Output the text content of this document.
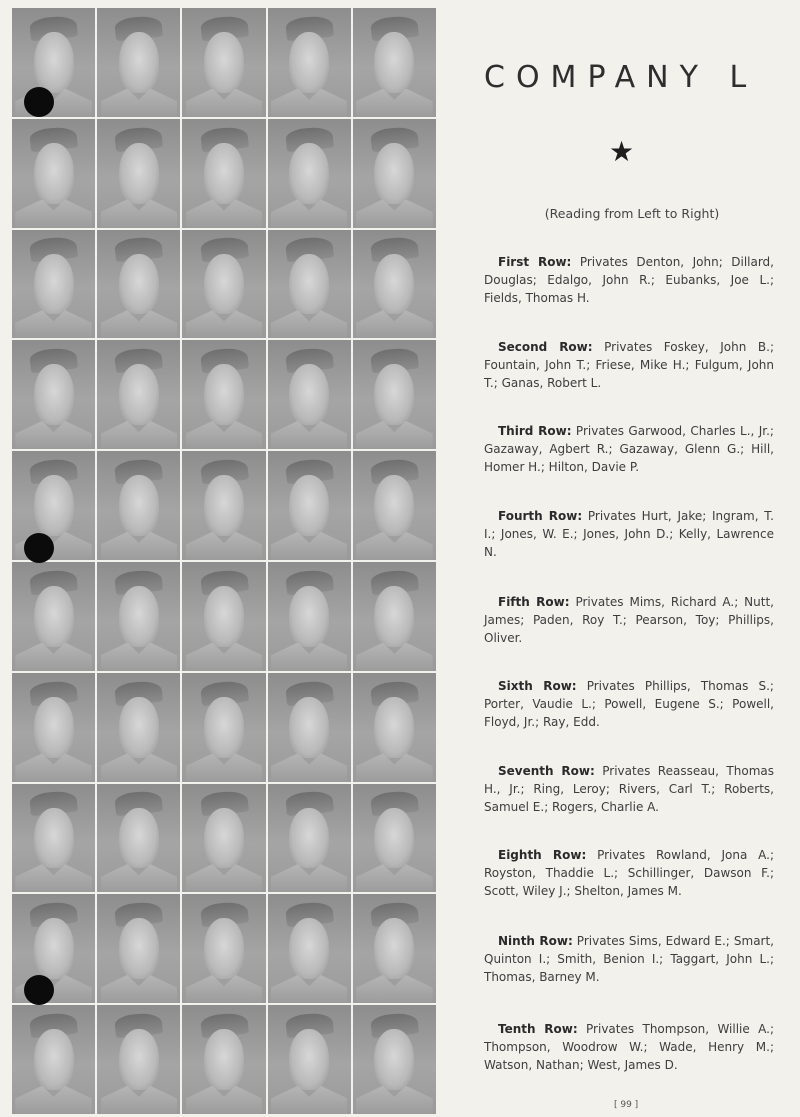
COMPANY L
★
(Reading from Left to Right)

First Row: Privates Denton, John; Dillard, Douglas; Edalgo, John R.; Eubanks, Joe L.; Fields, Thomas H.

Second Row: Privates Foskey, John B.; Fountain, John T.; Friese, Mike H.; Fulgum, John T.; Ganas, Robert L.

Third Row: Privates Garwood, Charles L., Jr.; Gazaway, Agbert R.; Gazaway, Glenn G.; Hill, Homer H.; Hilton, Davie P.

Fourth Row: Privates Hurt, Jake; Ingram, T. I.; Jones, W. E.; Jones, John D.; Kelly, Lawrence N.

Fifth Row: Privates Mims, Richard A.; Nutt, James; Paden, Roy T.; Pearson, Toy; Phillips, Oliver.

Sixth Row: Privates Phillips, Thomas S.; Porter, Vaudie L.; Powell, Eugene S.; Powell, Floyd, Jr.; Ray, Edd.

Seventh Row: Privates Reasseau, Thomas H., Jr.; Ring, Leroy; Rivers, Carl T.; Roberts, Samuel E.; Rogers, Charlie A.

Eighth Row: Privates Rowland, Jona A.; Royston, Thaddie L.; Schillinger, Dawson F.; Scott, Wiley J.; Shelton, James M.

Ninth Row: Privates Sims, Edward E.; Smart, Quinton I.; Smith, Benion I.; Taggart, John L.; Thomas, Barney M.

Tenth Row: Privates Thompson, Willie A.; Thompson, Woodrow W.; Wade, Henry M.; Watson, Nathan; West, James D.

[ 99 ]
